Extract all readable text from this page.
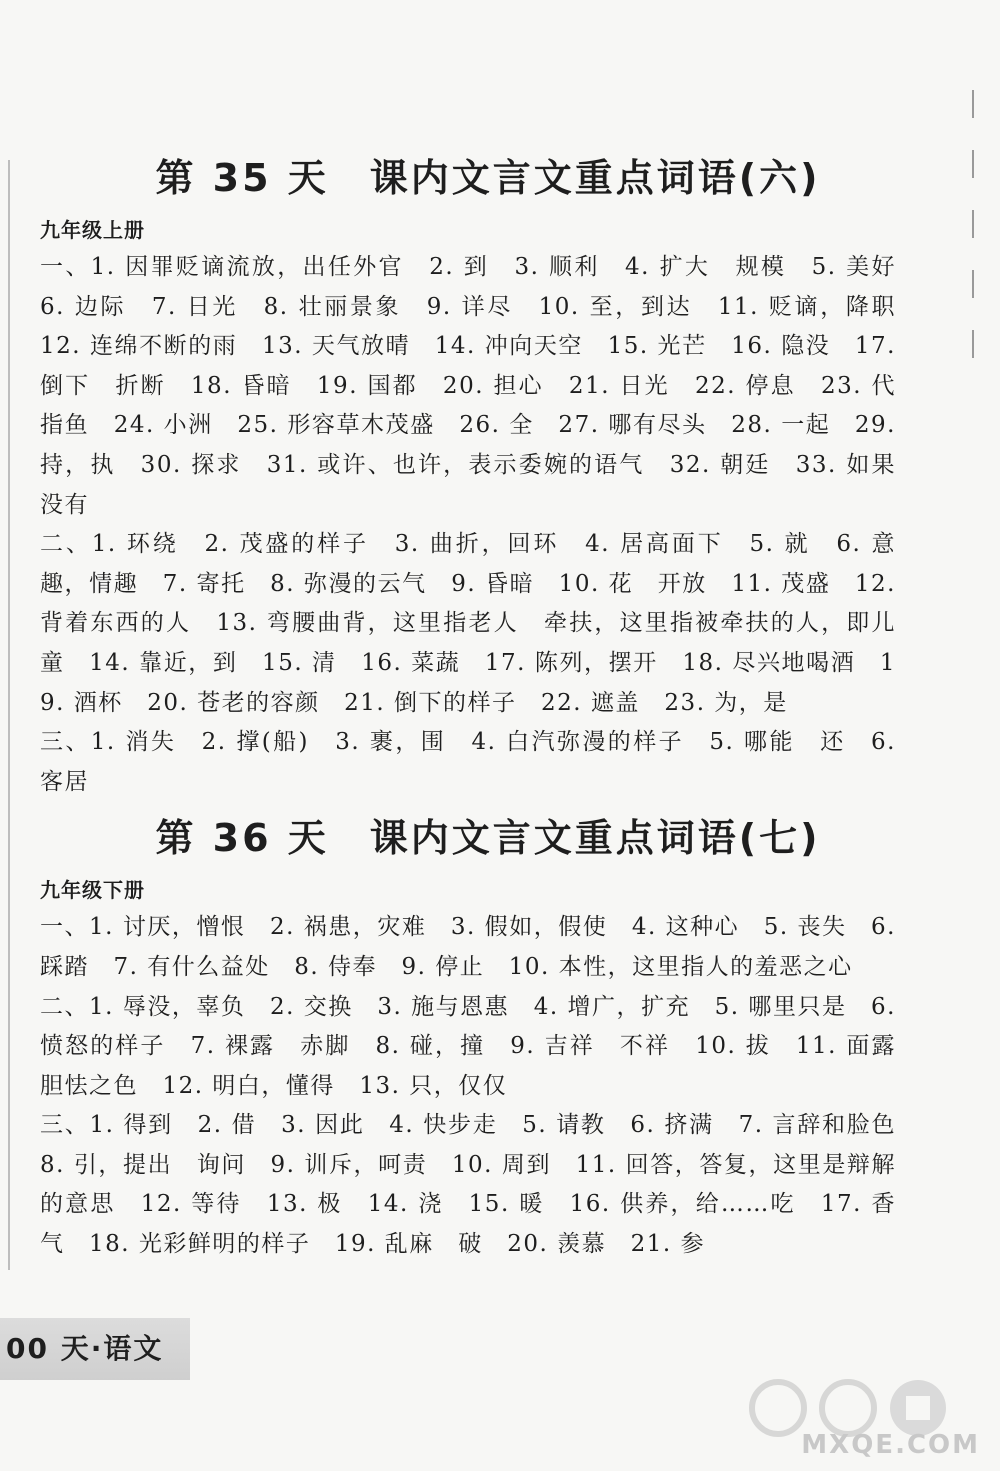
第 35 天　课内文言文重点词语(六)
九年级上册
一、1. 因罪贬谪流放，出任外官　2. 到　3. 顺利　4. 扩大　规模　5. 美好　6. 边际　7. 日光　8. 壮丽景象　9. 详尽　10. 至，到达　11. 贬谪，降职　12. 连绵不断的雨　13. 天气放晴　14. 冲向天空　15. 光芒　16. 隐没　17. 倒下　折断　18. 昏暗　19. 国都　20. 担心　21. 日光　22. 停息　23. 代指鱼　24. 小洲　25. 形容草木茂盛　26. 全　27. 哪有尽头　28. 一起　29. 持，执　30. 探求　31. 或许、也许，表示委婉的语气　32. 朝廷　33. 如果没有
二、1. 环绕　2. 茂盛的样子　3. 曲折，回环　4. 居高面下　5. 就　6. 意趣，情趣　7. 寄托　8. 弥漫的云气　9. 昏暗　10. 花　开放　11. 茂盛　12. 背着东西的人　13. 弯腰曲背，这里指老人　牵扶，这里指被牵扶的人，即儿童　14. 靠近，到　15. 清　16. 菜蔬　17. 陈列，摆开　18. 尽兴地喝酒　19. 酒杯　20. 苍老的容颜　21. 倒下的样子　22. 遮盖　23. 为，是
三、1. 消失　2. 撑(船)　3. 裹，围　4. 白汽弥漫的样子　5. 哪能　还　6. 客居
第 36 天　课内文言文重点词语(七)
九年级下册
一、1. 讨厌，憎恨　2. 祸患，灾难　3. 假如，假使　4. 这种心　5. 丧失　6. 踩踏　7. 有什么益处　8. 侍奉　9. 停止　10. 本性，这里指人的羞恶之心
二、1. 辱没，辜负　2. 交换　3. 施与恩惠　4. 增广，扩充　5. 哪里只是　6. 愤怒的样子　7. 裸露　赤脚　8. 碰，撞　9. 吉祥　不祥　10. 拔　11. 面露胆怯之色　12. 明白，懂得　13. 只，仅仅
三、1. 得到　2. 借　3. 因此　4. 快步走　5. 请教　6. 挤满　7. 言辞和脸色　8. 引，提出　询问　9. 训斥，呵责　10. 周到　11. 回答，答复，这里是辩解的意思　12. 等待　13. 极　14. 浇　15. 暖　16. 供养，给……吃　17. 香气　18. 光彩鲜明的样子　19. 乱麻　破　20. 羡慕　21. 参
00 天·语文
MXQE.COM
